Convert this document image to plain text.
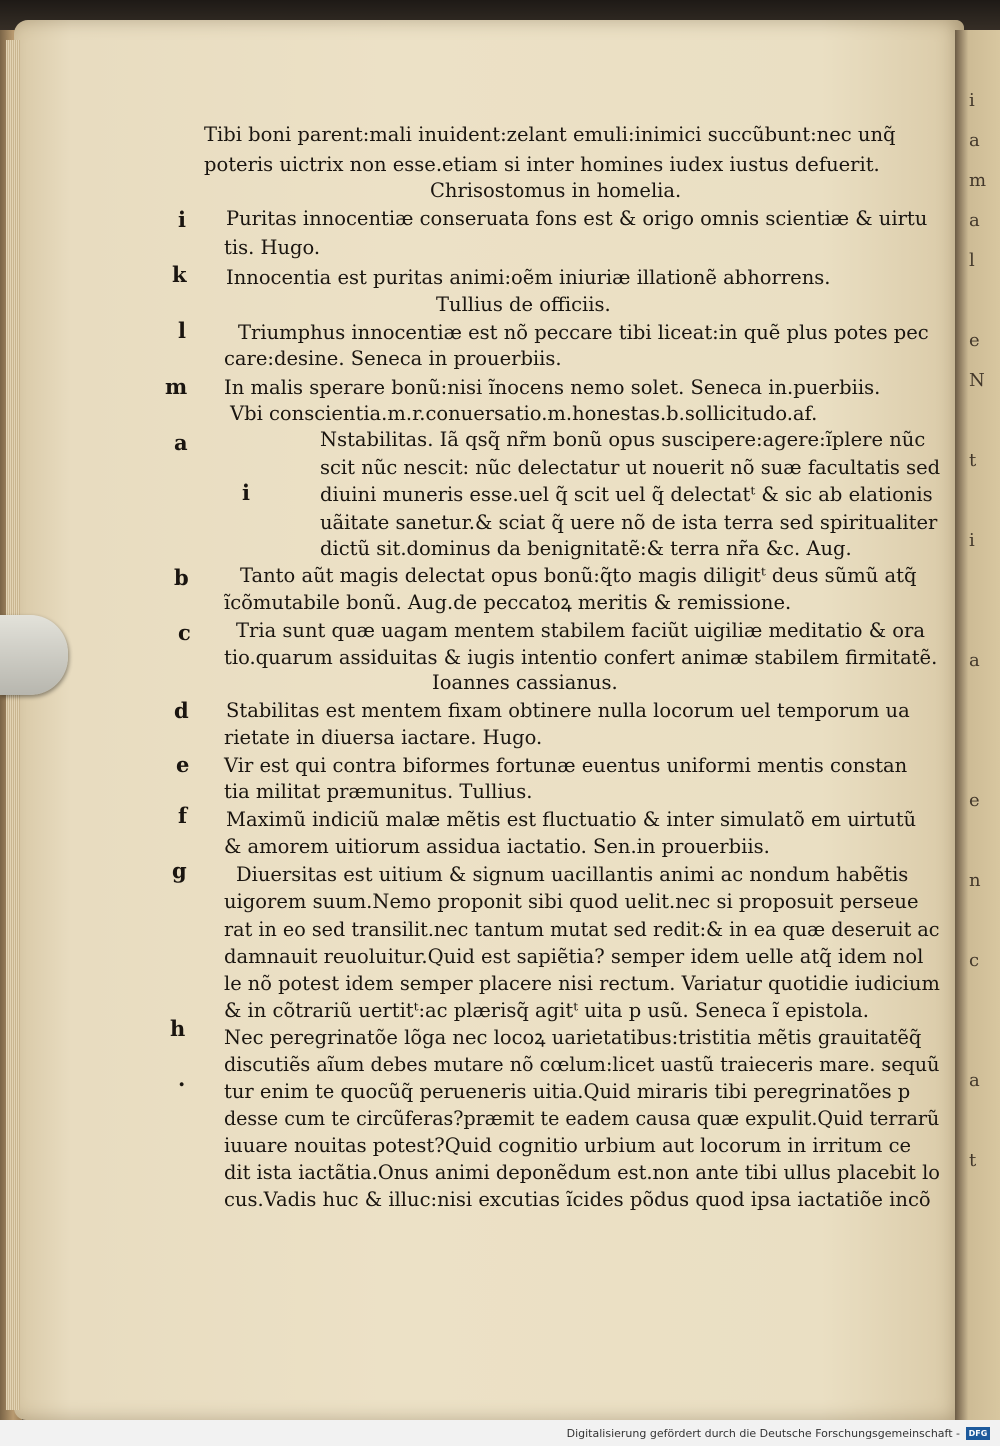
i
a
m
a
l
e
N
t
i
a
e
n
c
a
t
Tibi boni parent:mali inuident:zelant emuli:inimici succũbunt:nec unq̃
poteris uictrix non esse.etiam si inter homines iudex iustus defuerit.
Chrisostomus in homelia.
Puritas innocentiæ conseruata fons est & origo omnis scientiæ & uirtu
tis. Hugo.
Innocentia est puritas animi:oẽm iniuriæ illationẽ abhorrens.
Tullius de officiis.
Triumphus innocentiæ est nõ peccare tibi liceat:in quẽ plus potes pec
care:desine. Seneca in prouerbiis.
In malis sperare bonũ:nisi ĩnocens nemo solet. Seneca in.puerbiis.
Vbi conscientia.m.r.conuersatio.m.honestas.b.sollicitudo.af.
Nstabilitas. Iã qsq̃ nr̃m bonũ opus suscipere:agere:ĩplere nũc
scit nũc nescit: nũc delectatur ut nouerit nõ suæ facultatis sed
diuini muneris esse.uel q̃ scit uel q̃ delectatᵗ & sic ab elationis
uãitate sanetur.& sciat q̃ uere nõ de ista terra sed spiritualiter
dictũ sit.dominus da benignitatẽ:& terra nr̃a &c. Aug.
Tanto aũt magis delectat opus bonũ:q̃to magis diligitᵗ deus sũmũ atq̃
ĩcõmutabile bonũ. Aug.de peccatoꝝ meritis & remissione.
Tria sunt quæ uagam mentem stabilem faciũt uigiliæ meditatio & ora
tio.quarum assiduitas & iugis intentio confert animæ stabilem firmitatẽ.
Ioannes cassianus.
Stabilitas est mentem fixam obtinere nulla locorum uel temporum ua
rietate in diuersa iactare. Hugo.
Vir est qui contra biformes fortunæ euentus uniformi mentis constan
tia militat præmunitus. Tullius.
Maximũ indiciũ malæ mẽtis est fluctuatio & inter simulatõ em uirtutũ
& amorem uitiorum assidua iactatio. Sen.in prouerbiis.
Diuersitas est uitium & signum uacillantis animi ac nondum habẽtis
uigorem suum.Nemo proponit sibi quod uelit.nec si proposuit perseue
rat in eo sed transilit.nec tantum mutat sed redit:& in ea quæ deseruit ac
damnauit reuoluitur.Quid est sapiẽtia? semper idem uelle atq̃ idem nol
le nõ potest idem semper placere nisi rectum. Variatur quotidie iudicium
& in cõtrariũ uertitᵗ:ac plærisq̃ agitᵗ uita p usũ. Seneca ĩ epistola.
Nec peregrinatõe lõga nec locoꝝ uarietatibus:tristitia mẽtis grauitatẽq̃
discutiẽs aĩum debes mutare nõ cœlum:licet uastũ traieceris mare. sequũ
tur enim te quocũq̃ perueneris uitia.Quid miraris tibi peregrinatões p
desse cum te circũferas?præmit te eadem causa quæ expulit.Quid terrarũ
iuuare nouitas potest?Quid cognitio urbium aut locorum in irritum ce
dit ista iactãtia.Onus animi deponẽdum est.non ante tibi ullus placebit lo
cus.Vadis huc & illuc:nisi excutias ĩcides põdus quod ipsa iactatiõe incõ
i
k
l
m
a
i
b
c
d
e
f
g
h
.
Digitalisierung gefördert durch die Deutsche Forschungsgemeinschaft -	DFG
